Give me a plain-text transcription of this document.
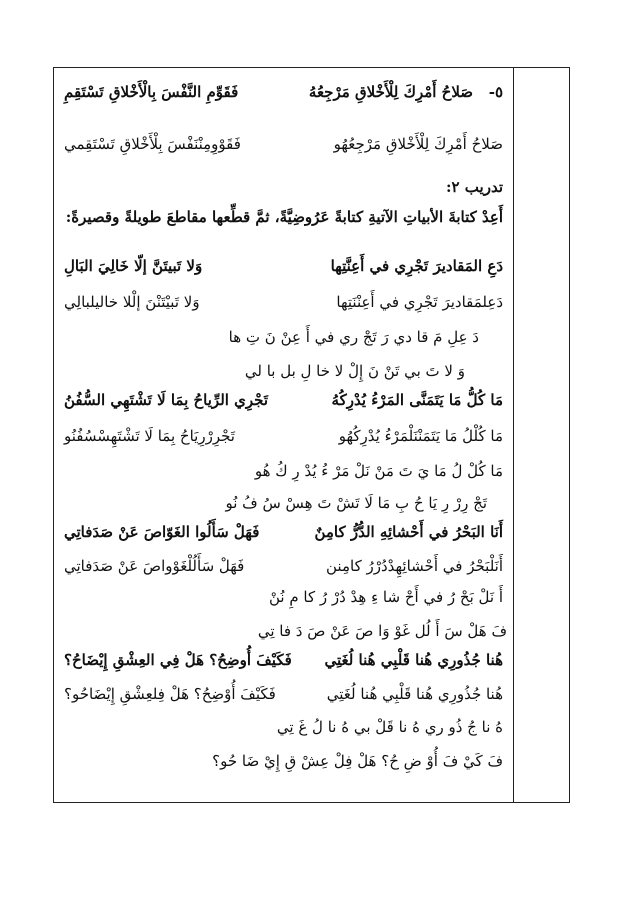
٥-   صَلاحُ أَمْرِكَ لِلْأَخْلاقِ مَرْجِعُهُ
فَقَوِّمِ النَّفْسَ بِالْأَخْلاقِ تَسْتَقِمِ
صَلاحُ أَمْرِكَ لِلْأَخْلاقِ مَرْجِعُهُو
فَقَوْوِمِنْنَفْسَ بِلْأَخْلاقِ تَسْتَقِمي
تدريب ٢:
أَعِدْ كتابةَ الأبياتِ الآتيةِ كتابةً عَرُوضِيَّةً، ثمَّ قطِّعها مقاطعَ طويلةً وقصيرةً:
دَعِ المَقاديرَ تَجْرِي في أَعِنَّتِها
وَلا تَبيتَنَّ إلّا خَالِيَ البَالِ
دَعِلمَقاديرَ تَجْرِي في أَعِنْنَتِها
وَلا تَبيْتَنْنَ إلْلا خاليلبالِي
دَ عِلِ مَ قا دي رَ تَجْ ري في أَ عِنْ نَ تِ ها
وَ لا تَ بي تَنْ نَ إِلْ لا خا لِ بل با لي
مَا كُلُّ مَا يَتَمَنَّى المَرْءُ يُدْرِكُهُ
تَجْرِي الرِّياحُ بِمَا لَا تَشْتَهِي السُّفُنُ
مَا كُلْلُ مَا يَتَمَنْنَلْمَرْءُ يُدْرِكُهُو
تَجْرِرْرِيَاحُ بِمَا لَا تَشْتَهِسْسُفُنُو
مَا كُلْ لُ مَا يَ تَ مَنْ نَلْ مَرْ ءُ يُدْ رِ كُ هُو
تَجْ رِرْ رِ يَا حُ بِ مَا لَا تَشْ تَ هِسْ سُ فُ نُو
أَنَا البَحْرُ في أَحْشائِهِ الدُّرُّ كامِنٌ
فَهَلْ سَأَلُوا الغَوّاصَ عَنْ صَدَفاتِي
أَنَلْبَحْرُ في أَحْشائِهِدْدُرْرُ كامِنن
فَهَلْ سَأَلُلْغَوْواصَ عَنْ صَدَفاتِي
أَ نَلْ بَحْ رُ في أَحْ شا ءِ هِدْ دُرْ رُ كا مِ نُنْ
فَ هَلْ سَ أَ لُل غَوْ وَا صَ عَنْ صَ دَ فا تِي
هُنا جُذُورِي هُنا قَلْبِي هُنا لُغَتِي
فَكَيْفَ أُوضِحُ؟ هَلْ فِي العِشْقِ إِيْضَاحُ؟
هُنا جُذُورِي هُنا قَلْبِي هُنا لُغَتِي
فَكَيْفَ أُوْضِحُ؟ هَلْ فِلعِشْقِ إِيْضَاحُو؟
هُ نا جُ ذُو ري هُ نا قَلْ بي هُ نا لُ غَ تِي
فَ كَيْ فَ أُوْ ضِ حُ؟ هَلْ فِلْ عِشْ قِ إِيْ ضَا حُو؟
